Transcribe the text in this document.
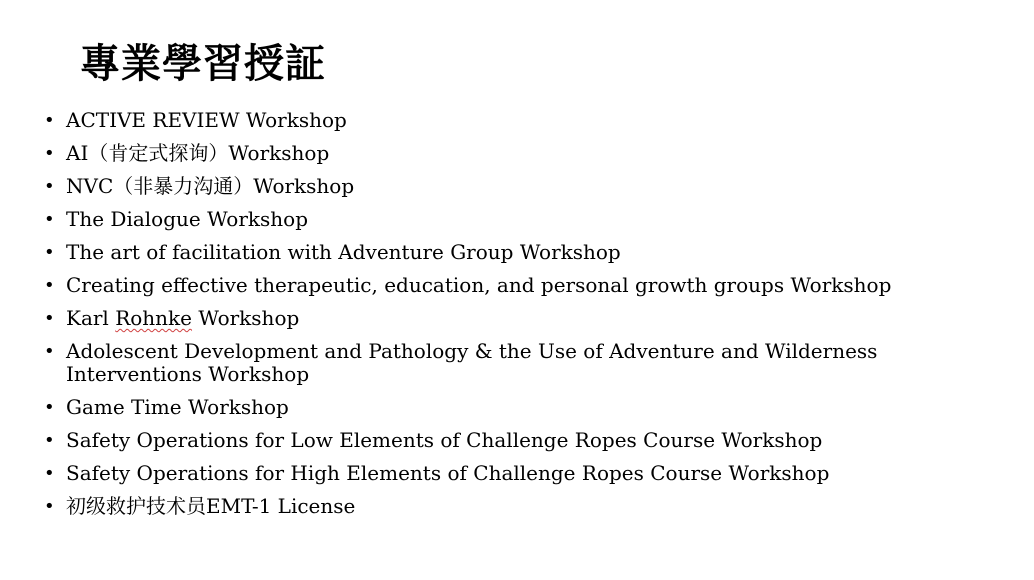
專業學習授証
• ACTIVE REVIEW Workshop
• AI（肯定式探询）Workshop
• NVC（非暴力沟通）Workshop
• The Dialogue Workshop
• The art of facilitation with Adventure Group Workshop
• Creating effective therapeutic, education, and personal growth groups Workshop
• Karl Rohnke Workshop
• Adolescent Development and Pathology & the Use of Adventure and Wilderness Interventions Workshop
• Game Time Workshop
• Safety Operations for Low Elements of Challenge Ropes Course Workshop
• Safety Operations for High Elements of Challenge Ropes Course Workshop
• 初级救护技术员EMT-1 License
